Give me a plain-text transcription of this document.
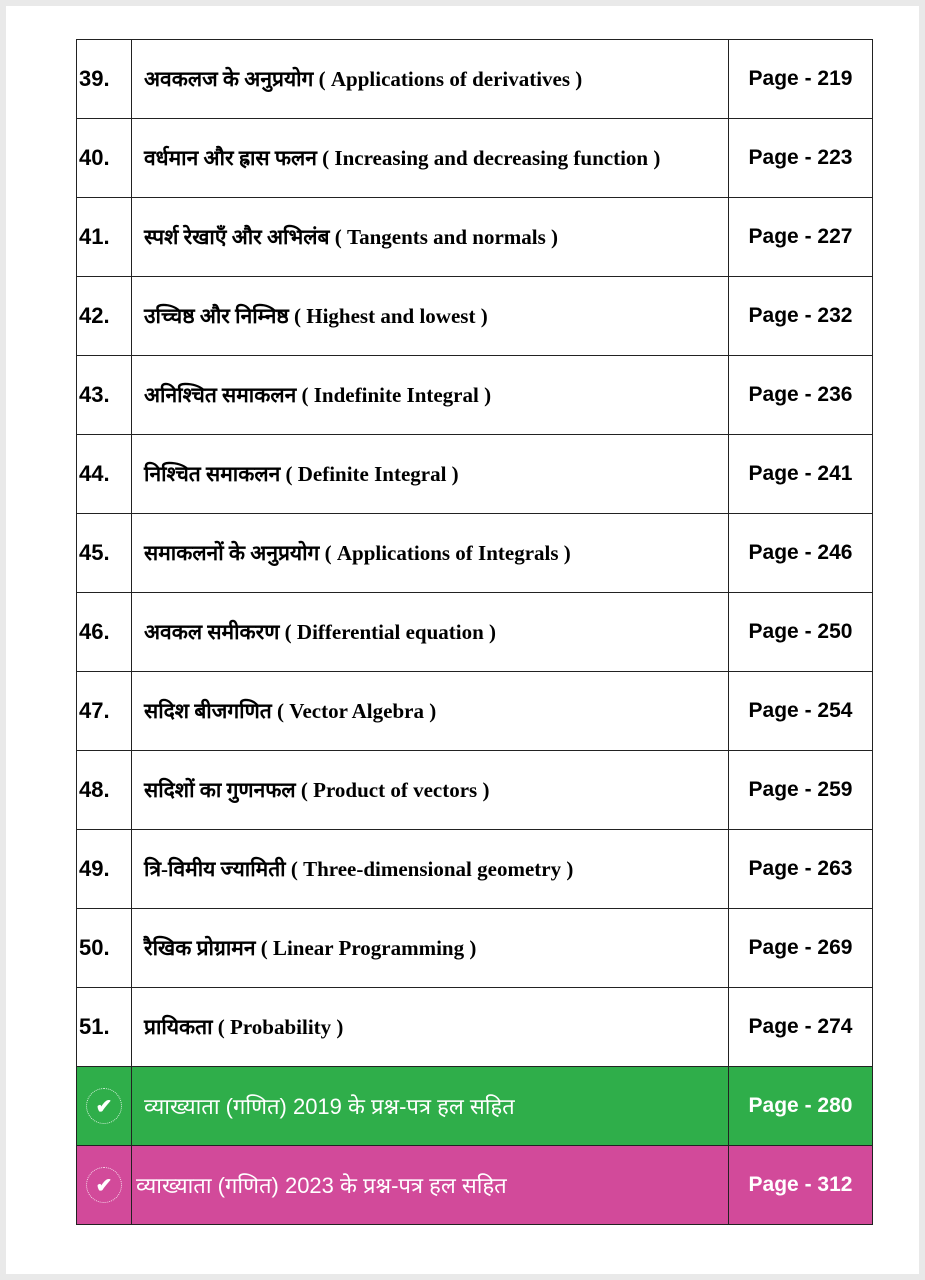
39.	अवकलज के अनुप्रयोग ( Applications of derivatives )	Page - 219
40.	वर्धमान और ह्रास फलन ( Increasing and decreasing function )	Page - 223
41.	स्पर्श रेखाएँ और अभिलंब ( Tangents and normals )	Page - 227
42.	उच्चिष्ठ और निम्निष्ठ ( Highest and lowest )	Page - 232
43.	अनिश्चित समाकलन ( Indefinite Integral )	Page - 236
44.	निश्चित समाकलन ( Definite Integral )	Page - 241
45.	समाकलनों के अनुप्रयोग ( Applications of Integrals )	Page - 246
46.	अवकल समीकरण ( Differential equation )	Page - 250
47.	सदिश बीजगणित ( Vector Algebra )	Page - 254
48.	सदिशों का गुणनफल ( Product of vectors )	Page - 259
49.	त्रि-विमीय ज्यामिती ( Three-dimensional geometry )	Page - 263
50.	रैखिक प्रोग्रामन ( Linear Programming )	Page - 269
51.	प्रायिकता ( Probability )	Page - 274
✔	व्याख्याता (गणित) 2019 के प्रश्न-पत्र हल सहित	Page - 280
✔	व्याख्याता (गणित) 2023 के प्रश्न-पत्र हल सहित	Page - 312
